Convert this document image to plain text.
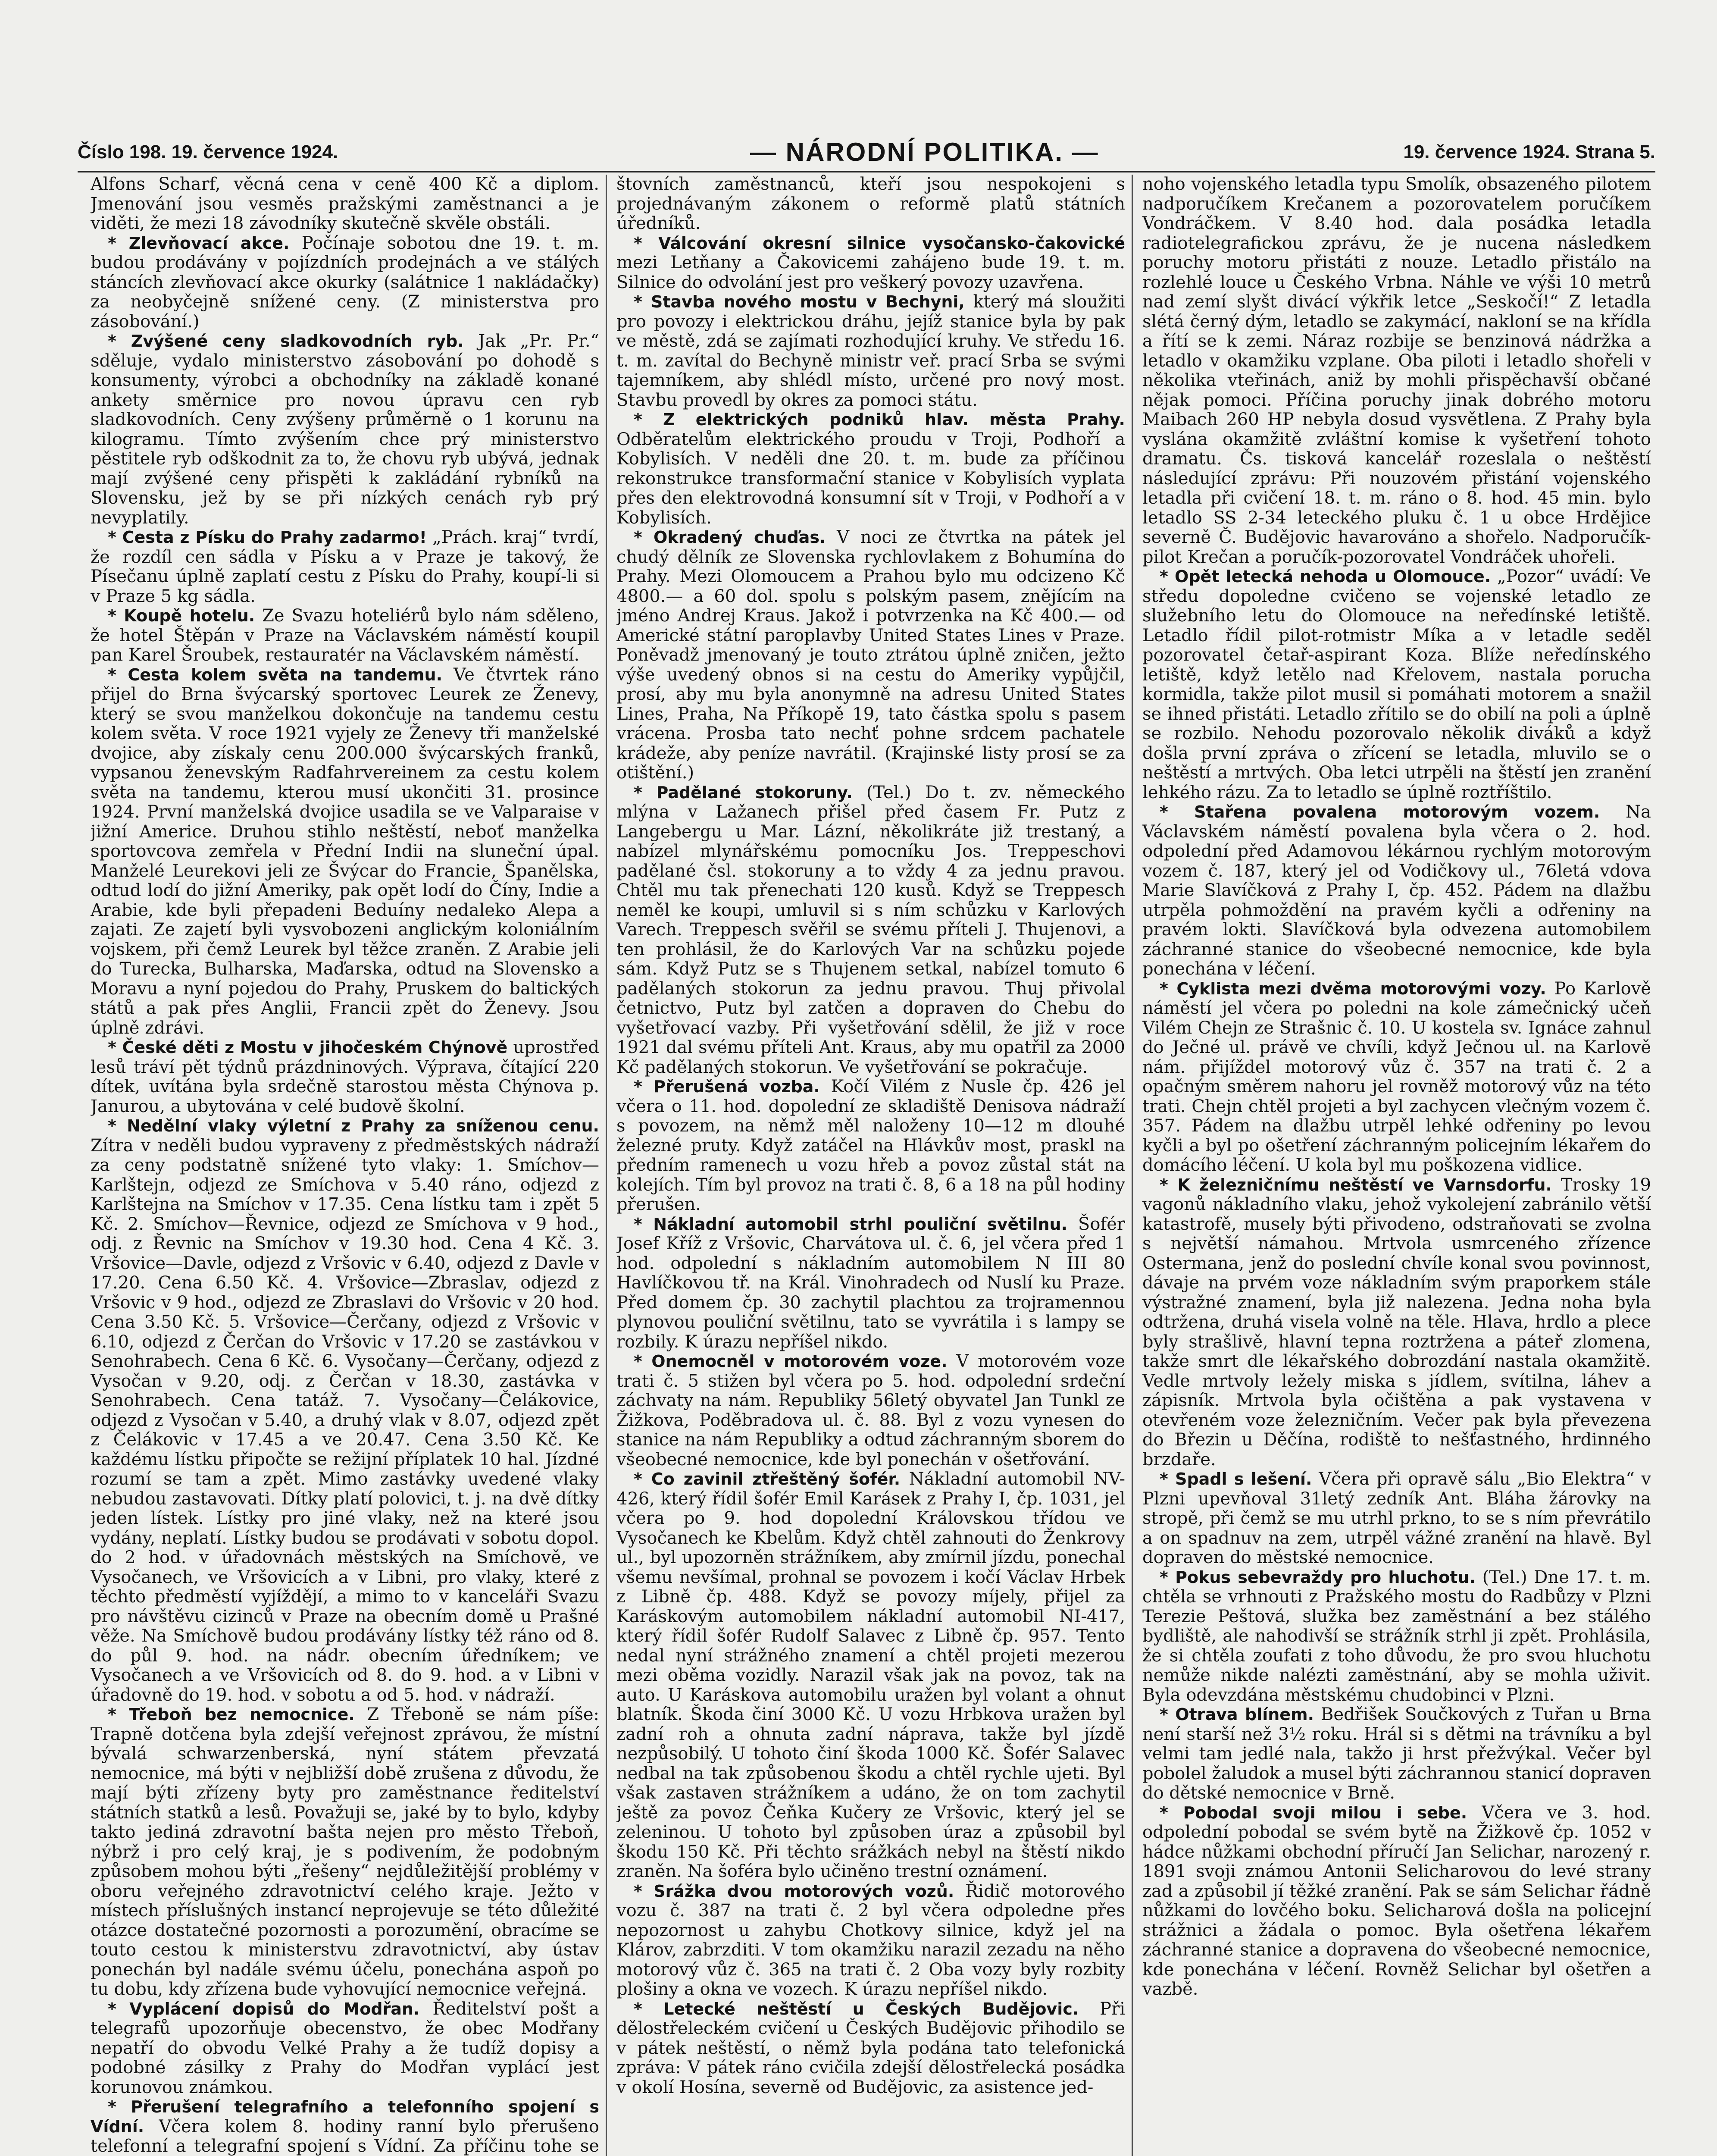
Číslo 198. 19. července 1924.	— NÁRODNÍ POLITIKA. —	19. července 1924. Strana 5.

Alfons Scharf, věcná cena v ceně 400 Kč a diplom. Jmenování jsou vesměs pražskými zaměstnanci a je viděti, že mezi 18 závodníky skutečně skvěle obstáli.

* Zlevňovací akce. Počínaje sobotou dne 19. t. m. budou prodávány v pojízdních prodejnách a ve stálých stáncích zlevňovací akce okurky (salátnice 1 nakládačky) za neobyčejně snížené ceny. (Z ministerstva pro zásobování.)

* Zvýšené ceny sladkovodních ryb. Jak „Pr. Pr.“ sděluje, vydalo ministerstvo zásobování po dohodě s konsumenty, výrobci a obchodníky na základě konané ankety směrnice pro novou úpravu cen ryb sladkovodních. Ceny zvýšeny průměrně o 1 korunu na kilogramu. Tímto zvýšením chce prý ministerstvo pěstitele ryb odškodnit za to, že chovu ryb ubývá, jednak mají zvýšené ceny přispěti k zakládání rybníků na Slovensku, jež by se při nízkých cenách ryb prý nevyplatily.

* Cesta z Písku do Prahy zadarmo! „Prách. kraj“ tvrdí, že rozdíl cen sádla v Písku a v Praze je takový, že Písečanu úplně zaplatí cestu z Písku do Prahy, koupí-li si v Praze 5 kg sádla.

* Koupě hotelu. Ze Svazu hoteliérů bylo nám sděleno, že hotel Štěpán v Praze na Václavském náměstí koupil pan Karel Šroubek, restauratér na Václavském náměstí.

* Cesta kolem světa na tandemu. Ve čtvrtek ráno přijel do Brna švýcarský sportovec Leurek ze Ženevy, který se svou manželkou dokončuje na tandemu cestu kolem světa. V roce 1921 vyjely ze Ženevy tři manželské dvojice, aby získaly cenu 200.000 švýcarských franků, vypsanou ženevským Radfahrvereinem za cestu kolem světa na tandemu, kterou musí ukončiti 31. prosince 1924. První manželská dvojice usadila se ve Valparaise v jižní Americe. Druhou stihlo neštěstí, neboť manželka sportovcova zemřela v Přední Indii na sluneční úpal. Manželé Leurekovi jeli ze Švýcar do Francie, Španělska, odtud lodí do jižní Ameriky, pak opět lodí do Číny, Indie a Arabie, kde byli přepadeni Beduíny nedaleko Alepa a zajati. Ze zajetí byli vysvobozeni anglickým koloniálním vojskem, při čemž Leurek byl těžce zraněn. Z Arabie jeli do Turecka, Bulharska, Maďarska, odtud na Slovensko a Moravu a nyní pojedou do Prahy, Pruskem do baltických států a pak přes Anglii, Francii zpět do Ženevy. Jsou úplně zdrávi.

* České děti z Mostu v jihočeském Chýnově uprostřed lesů tráví pět týdnů prázdninových. Výprava, čítající 220 dítek, uvítána byla srdečně starostou města Chýnova p. Janurou, a ubytována v celé budově školní.

* Nedělní vlaky výletní z Prahy za sníženou cenu. Zítra v neděli budou vypraveny z předměstských nádraží za ceny podstatně snížené tyto vlaky: 1. Smíchov—Karlštejn, odjezd ze Smíchova v 5.40 ráno, odjezd z Karlštejna na Smíchov v 17.35. Cena lístku tam i zpět 5 Kč. 2. Smíchov—Řevnice, odjezd ze Smíchova v 9 hod., odj. z Řevnic na Smíchov v 19.30 hod. Cena 4 Kč. 3. Vršovice—Davle, odjezd z Vršovic v 6.40, odjezd z Davle v 17.20. Cena 6.50 Kč. 4. Vršovice—Zbraslav, odjezd z Vršovic v 9 hod., odjezd ze Zbraslavi do Vršovic v 20 hod. Cena 3.50 Kč. 5. Vršovice—Čerčany, odjezd z Vršovic v 6.10, odjezd z Čerčan do Vršovic v 17.20 se zastávkou v Senohrabech. Cena 6 Kč. 6. Vysočany—Čerčany, odjezd z Vysočan v 9.20, odj. z Čerčan v 18.30, zastávka v Senohrabech. Cena tatáž. 7. Vysočany—Čelákovice, odjezd z Vysočan v 5.40, a druhý vlak v 8.07, odjezd zpět z Čelákovic v 17.45 a ve 20.47. Cena 3.50 Kč. Ke každému lístku připočte se režijní příplatek 10 hal. Jízdné rozumí se tam a zpět. Mimo zastávky uvedené vlaky nebudou zastavovati. Dítky platí polovici, t. j. na dvě dítky jeden lístek. Lístky pro jiné vlaky, než na které jsou vydány, neplatí. Lístky budou se prodávati v sobotu dopol. do 2 hod. v úřadovnách městských na Smíchově, ve Vysočanech, ve Vršovicích a v Libni, pro vlaky, které z těchto předměstí vyjíždějí, a mimo to v kanceláři Svazu pro návštěvu cizinců v Praze na obecním domě u Prašné věže. Na Smíchově budou prodávány lístky též ráno od 8. do půl 9. hod. na nádr. obecním úředníkem; ve Vysočanech a ve Vršovicích od 8. do 9. hod. a v Libni v úřadovně do 19. hod. v sobotu a od 5. hod. v nádraží.

* Třeboň bez nemocnice. Z Třeboně se nám píše: Trapně dotčena byla zdejší veřejnost zprávou, že místní bývalá schwarzenberská, nyní státem převzatá nemocnice, má býti v nejbližší době zrušena z důvodu, že mají býti zřízeny byty pro zaměstnance ředitelství státních statků a lesů. Považuji se, jaké by to bylo, kdyby takto jediná zdravotní bašta nejen pro město Třeboň, nýbrž i pro celý kraj, je s podivením, že podobným způsobem mohou býti „řešeny“ nejdůležitější problémy v oboru veřejného zdravotnictví celého kraje. Ježto v místech příslušných instancí neprojevuje se této důležité otázce dostatečné pozornosti a porozumění, obracíme se touto cestou k ministerstvu zdravotnictví, aby ústav ponechán byl nadále svému účelu, ponechána aspoň po tu dobu, kdy zřízena bude vyhovující nemocnice veřejná.

* Vyplácení dopisů do Modřan. Ředitelství pošt a telegrafů upozorňuje obecenstvo, že obec Modřany nepatří do obvodu Velké Prahy a že tudíž dopisy a podobné zásilky z Prahy do Modřan vyplácí jest korunovou známkou.

* Přerušení telegrafního a telefonního spojení s Vídní. Včera kolem 8. hodiny ranní bylo přerušeno telefonní a telegrafní spojení s Vídní. Za příčinu tohe se

štovních zaměstnanců, kteří jsou nespokojeni s projednávaným zákonem o reformě platů státních úředníků.

* Válcování okresní silnice vysočansko-čakovické mezi Letňany a Čakovicemi zahájeno bude 19. t. m. Silnice do odvolání jest pro veškerý povozy uzavřena.

* Stavba nového mostu v Bechyni, který má sloužiti pro povozy i elektrickou dráhu, jejíž stanice byla by pak ve městě, zdá se zajímati rozhodující kruhy. Ve středu 16. t. m. zavítal do Bechyně ministr veř. prací Srba se svými tajemníkem, aby shlédl místo, určené pro nový most. Stavbu provedl by okres za pomoci státu.

* Z elektrických podniků hlav. města Prahy. Odběratelům elektrického proudu v Troji, Podhoří a Kobylisích. V neděli dne 20. t. m. bude za příčinou rekonstrukce transformační stanice v Kobylisích vyplata přes den elektrovodná konsumní sít v Troji, v Podhoří a v Kobylisích.

* Okradený chuďas. V noci ze čtvrtka na pátek jel chudý dělník ze Slovenska rychlovlakem z Bohumína do Prahy. Mezi Olomoucem a Prahou bylo mu odcizeno Kč 4800.— a 60 dol. spolu s polským pasem, znějícím na jméno Andrej Kraus. Jakož i potvrzenka na Kč 400.— od Americké státní paroplavby United States Lines v Praze. Poněvadž jmenovaný je touto ztrátou úplně zničen, ježto výše uvedený obnos si na cestu do Ameriky vypůjčil, prosí, aby mu byla anonymně na adresu United States Lines, Praha, Na Příkopě 19, tato částka spolu s pasem vrácena. Prosba tato nechť pohne srdcem pachatele krádeže, aby peníze navrátil. (Krajinské listy prosí se za otištění.)

* Padělané stokoruny. (Tel.) Do t. zv. německého mlýna v Lažanech přišel před časem Fr. Putz z Langebergu u Mar. Lázní, několikráte již trestaný, a nabízel mlynářskému pomocníku Jos. Treppeschovi padělané čsl. stokoruny a to vždy 4 za jednu pravou. Chtěl mu tak přenechati 120 kusů. Když se Treppesch neměl ke koupi, umluvil si s ním schůzku v Karlových Varech. Treppesch svěřil se svému příteli J. Thujenovi, a ten prohlásil, že do Karlových Var na schůzku pojede sám. Když Putz se s Thujenem setkal, nabízel tomuto 6 padělaných stokorun za jednu pravou. Thuj přivolal četnictvo, Putz byl zatčen a dopraven do Chebu do vyšetřovací vazby. Při vyšetřování sdělil, že již v roce 1921 dal svému příteli Ant. Kraus, aby mu opatřil za 2000 Kč padělaných stokorun. Ve vyšetřování se pokračuje.

* Přerušená vozba. Kočí Vilém z Nusle čp. 426 jel včera o 11. hod. dopolední ze skladiště Denisova nádraží s povozem, na němž měl naloženy 10—12 m dlouhé železné pruty. Když zatáčel na Hlávkův most, praskl na předním ramenech u vozu hřeb a povoz zůstal stát na kolejích. Tím byl provoz na trati č. 8, 6 a 18 na půl hodiny přerušen.

* Nákladní automobil strhl pouliční světilnu. Šofér Josef Kříž z Vršovic, Charvátova ul. č. 6, jel včera před 1 hod. odpolední s nákladním automobilem N III 80 Havlíčkovou tř. na Král. Vinohradech od Nuslí ku Praze. Před domem čp. 30 zachytil plachtou za trojramennou plynovou pouliční světilnu, tato se vyvrátila i s lampy se rozbily. K úrazu nepříšel nikdo.

* Onemocněl v motorovém voze. V motorovém voze trati č. 5 stižen byl včera po 5. hod. odpolední srdeční záchvaty na nám. Republiky 56letý obyvatel Jan Tunkl ze Žižkova, Poděbradova ul. č. 88. Byl z vozu vynesen do stanice na nám Republiky a odtud záchranným sborem do všeobecné nemocnice, kde byl ponechán v ošetřování.

* Co zavinil ztřeštěný šofér. Nákladní automobil NV-426, který řídil šofér Emil Karásek z Prahy I, čp. 1031, jel včera po 9. hod dopolední Královskou třídou ve Vysočanech ke Kbelům. Když chtěl zahnouti do Ženkrovy ul., byl upozorněn strážníkem, aby zmírnil jízdu, ponechal všemu nevšímal, prohnal se povozem i kočí Václav Hrbek z Libně čp. 488. Když se povozy míjely, přijel za Karáskovým automobilem nákladní automobil NI-417, který řídil šofér Rudolf Salavec z Libně čp. 957. Tento nedal nyní strážného znamení a chtěl projeti mezerou mezi oběma vozidly. Narazil však jak na povoz, tak na auto. U Karáskova automobilu uražen byl volant a ohnut blatník. Škoda činí 3000 Kč. U vozu Hrbkova uražen byl zadní roh a ohnuta zadní náprava, takže byl jízdě nezpůsobilý. U tohoto činí škoda 1000 Kč. Šofér Salavec nedbal na tak způsobenou škodu a chtěl rychle ujeti. Byl však zastaven strážníkem a udáno, že on tom zachytil ještě za povoz Čeňka Kučery ze Vršovic, který jel se zeleninou. U tohoto byl způsoben úraz a způsobil byl škodu 150 Kč. Při těchto srážkách nebyl na štěstí nikdo zraněn. Na šoféra bylo učiněno trestní oznámení.

* Srážka dvou motorových vozů. Řidič motorového vozu č. 387 na trati č. 2 byl včera odpoledne přes nepozornost u zahybu Chotkovy silnice, když jel na Klárov, zabrzditi. V tom okamžiku narazil zezadu na něho motorový vůz č. 365 na trati č. 2 Oba vozy byly rozbity plošiny a okna ve vozech. K úrazu nepříšel nikdo.

* Letecké neštěstí u Českých Budějovic. Při dělostřeleckém cvičení u Českých Budějovic přihodilo se v pátek neštěstí, o němž byla podána tato telefonická zpráva: V pátek ráno cvičila zdejší dělostřelecká posádka v okolí Hosína, severně od Budějovic, za asistence jed-

noho vojenského letadla typu Smolík, obsazeného pilotem nadporučíkem Krečanem a pozorovatelem poručíkem Vondráčkem. V 8.40 hod. dala posádka letadla radiotelegrafickou zprávu, že je nucena následkem poruchy motoru přistáti z nouze. Letadlo přistálo na rozlehlé louce u Českého Vrbna. Náhle ve výši 10 metrů nad zemí slyšt divácí výkřik letce „Seskočí!“ Z letadla slétá černý dým, letadlo se zakymácí, nakloní se na křídla a řítí se k zemi. Náraz rozbije se benzinová nádržka a letadlo v okamžiku vzplane. Oba piloti i letadlo shořeli v několika vteřinách, aniž by mohli přispěchavší občané nějak pomoci. Příčina poruchy jinak dobrého motoru Maibach 260 HP nebyla dosud vysvětlena. Z Prahy byla vyslána okamžitě zvláštní komise k vyšetření tohoto dramatu. Čs. tisková kancelář rozeslala o neštěstí následující zprávu: Při nouzovém přistání vojenského letadla při cvičení 18. t. m. ráno o 8. hod. 45 min. bylo letadlo SS 2-34 leteckého pluku č. 1 u obce Hrdějice severně Č. Budějovic havarováno a shořelo. Nadporučík-pilot Krečan a poručík-pozorovatel Vondráček uhořeli.

* Opět letecká nehoda u Olomouce. „Pozor“ uvádí: Ve středu dopoledne cvičeno se vojenské letadlo ze služebního letu do Olomouce na neředínské letiště. Letadlo řídil pilot-rotmistr Míka a v letadle seděl pozorovatel četař-aspirant Koza. Blíže neředínského letiště, když letělo nad Křelovem, nastala porucha kormidla, takže pilot musil si pomáhati motorem a snažil se ihned přistáti. Letadlo zřítilo se do obilí na poli a úplně se rozbilo. Nehodu pozorovalo několik diváků a když došla první zpráva o zřícení se letadla, mluvilo se o neštěstí a mrtvých. Oba letci utrpěli na štěstí jen zranění lehkého rázu. Za to letadlo se úplně roztříštilo.

* Stařena povalena motorovým vozem. Na Václavském náměstí povalena byla včera o 2. hod. odpolední před Adamovou lékárnou rychlým motorovým vozem č. 187, který jel od Vodičkovy ul., 76letá vdova Marie Slavíčková z Prahy I, čp. 452. Pádem na dlažbu utrpěla pohmoždění na pravém kyčli a odřeniny na pravém lokti. Slavíčková byla odvezena automobilem záchranné stanice do všeobecné nemocnice, kde byla ponechána v léčení.

* Cyklista mezi dvěma motorovými vozy. Po Karlově náměstí jel včera po poledni na kole zámečnický učeň Vilém Chejn ze Strašnic č. 10. U kostela sv. Ignáce zahnul do Ječné ul. právě ve chvíli, když Ječnou ul. na Karlově nám. přijíždel motorový vůz č. 357 na trati č. 2 a opačným směrem nahoru jel rovněž motorový vůz na této trati. Chejn chtěl projeti a byl zachycen vlečným vozem č. 357. Pádem na dlažbu utrpěl lehké odřeniny po levou kyčli a byl po ošetření záchranným policejním lékařem do domácího léčení. U kola byl mu poškozena vidlice.

* K železničnímu neštěstí ve Varnsdorfu. Trosky 19 vagonů nákladního vlaku, jehož vykolejení zabránilo větší katastrofě, musely býti přivodeno, odstraňovati se zvolna s největší námahou. Mrtvola usmrceného zřízence Ostermana, jenž do poslední chvíle konal svou povinnost, dávaje na prvém voze nákladním svým praporkem stále výstražné znamení, byla již nalezena. Jedna noha byla odtržena, druhá visela volně na těle. Hlava, hrdlo a plece byly strašlivě, hlavní tepna roztržena a páteř zlomena, takže smrt dle lékařského dobrozdání nastala okamžitě. Vedle mrtvoly ležely miska s jídlem, svítilna, láhev a zápisník. Mrtvola byla očištěna a pak vystavena v otevřeném voze železničním. Večer pak byla převezena do Březin u Děčína, rodiště to nešťastného, hrdinného brzdaře.

* Spadl s lešení. Včera při opravě sálu „Bio Elektra“ v Plzni upevňoval 31letý zedník Ant. Bláha žárovky na stropě, při čemž se mu utrhl prkno, to se s ním převrátilo a on spadnuv na zem, utrpěl vážné zranění na hlavě. Byl dopraven do městské nemocnice.

* Pokus sebevraždy pro hluchotu. (Tel.) Dne 17. t. m. chtěla se vrhnouti z Pražského mostu do Radbůzy v Plzni Terezie Peštová, služka bez zaměstnání a bez stálého bydliště, ale nahodivší se strážník strhl ji zpět. Prohlásila, že si chtěla zoufati z toho důvodu, že pro svou hluchotu nemůže nikde nalézti zaměstnání, aby se mohla uživit. Byla odevzdána městskému chudobinci v Plzni.

* Otrava blínem. Bedřišek Součkových z Tuřan u Brna není starší než 3½ roku. Hrál si s dětmi na trávníku a byl velmi tam jedlé nala, takžo ji hrst přežvýkal. Večer byl pobolel žaludok a musel býti záchrannou stanicí dopraven do dětské nemocnice v Brně.

* Pobodal svoji milou i sebe. Včera ve 3. hod. odpolední pobodal se svém bytě na Žižkově čp. 1052 v hádce nůžkami obchodní příručí Jan Selichar, narozený r. 1891 svoji známou Antonii Selicharovou do levé strany zad a způsobil jí těžké zranění. Pak se sám Selichar řádně nůžkami do lovčého boku. Selicharová došla na policejní strážnici a žádala o pomoc. Byla ošetřena lékařem záchranné stanice a dopravena do všeobecné nemocnice, kde ponechána v léčení. Rovněž Selichar byl ošetřen a vazbě.
